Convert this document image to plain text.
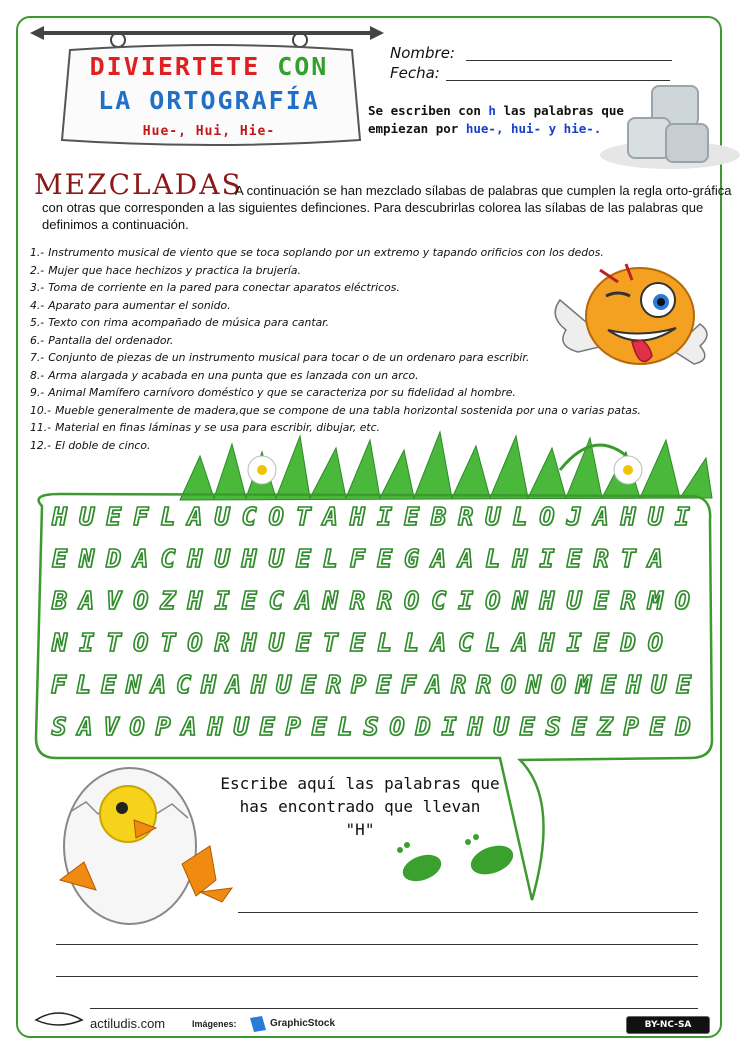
DIVIERTETE CON
LA ORTOGRAFÍA
Hue-, Hui, Hie-
Nombre:
Fecha:
Se escriben con h las palabras que empiezan por hue-, hui- y hie-.
MEZCLADAS
A continuación se han mezclado sílabas de palabras que cumplen la regla orto-gráfica con otras que corresponden a las siguientes definciones. Para descubrirlas colorea las sílabas de las palabras que definimos a continuación.
1.- Instrumento musical de viento que se toca soplando por un extremo y tapando orificios con los dedos.
2.- Mujer que hace hechizos y practica la brujería.
3.- Toma de corriente en la pared para conectar aparatos eléctricos.
4.- Aparato para aumentar el sonido.
5.- Texto con rima acompañado de música para cantar.
6.- Pantalla del ordenador.
7.- Conjunto de piezas de un instrumento musical para tocar o de un ordenaro para escribir.
8.- Arma alargada y acabada en una punta que es lanzada con un arco.
9.- Animal Mamífero carnívoro doméstico y que se caracteriza por su fidelidad al hombre.
10.- Mueble generalmente de madera,que se compone de una tabla horizontal sostenida por una o varias patas.
11.- Material en finas láminas y se usa para escribir, dibujar, etc.
12.- El doble de cinco.
H U E F L A U C O T A H I E B R U L O J A H U I
E N D A C H U H U E L F E G A A L H I E R T A
B A V O Z H I E C A N R R O C I O N H U E R M O
N I T O T O R H U E T E L L A C L A H I E D O
F L E N A C H A H U E R P E F A R R O N O M E H U E
S A V O P A H U E P E L S O D I H U E S E Z P E D
Escribe aquí las palabras que
has encontrado que llevan
"H"
actiludis.com	Imágenes:	GraphicStock	BY-NC-SA
